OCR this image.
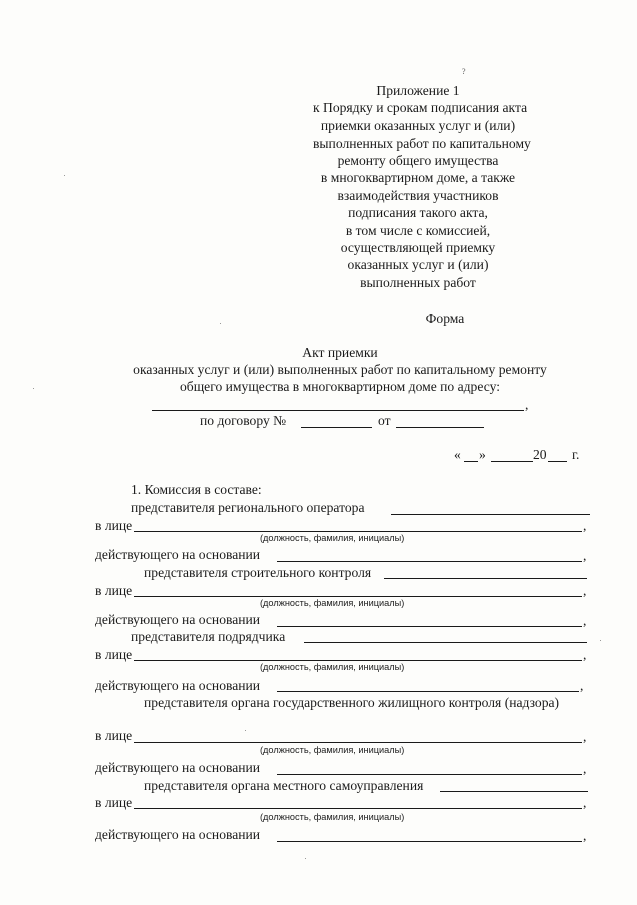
?
Приложение 1
к Порядку и срокам подписания акта
приемки оказанных услуг и (или)
выполненных работ по капитальному
ремонту общего имущества
в многоквартирном доме, а также
взаимодействия участников
подписания такого акта,
в том числе с комиссией,
осуществляющей приемку
оказанных услуг и (или)
выполненных работ
Форма
Акт приемки
оказанных услуг и (или) выполненных работ по капитальному ремонту
общего имущества в многоквартирном доме по адресу:
,
по договору №	от
« »	20 г.
1. Комиссия в составе:
представителя регионального оператора
в лице	,
(должность, фамилия, инициалы)
действующего на основании	,
представителя строительного контроля
в лице	,
(должность, фамилия, инициалы)
действующего на основании	,
представителя подрядчика
в лице	,
(должность, фамилия, инициалы)
действующего на основании	,
представителя органа государственного жилищного контроля (надзора)
в лице	,
(должность, фамилия, инициалы)
действующего на основании	,
представителя органа местного самоуправления
в лице	,
(должность, фамилия, инициалы)
действующего на основании	,
